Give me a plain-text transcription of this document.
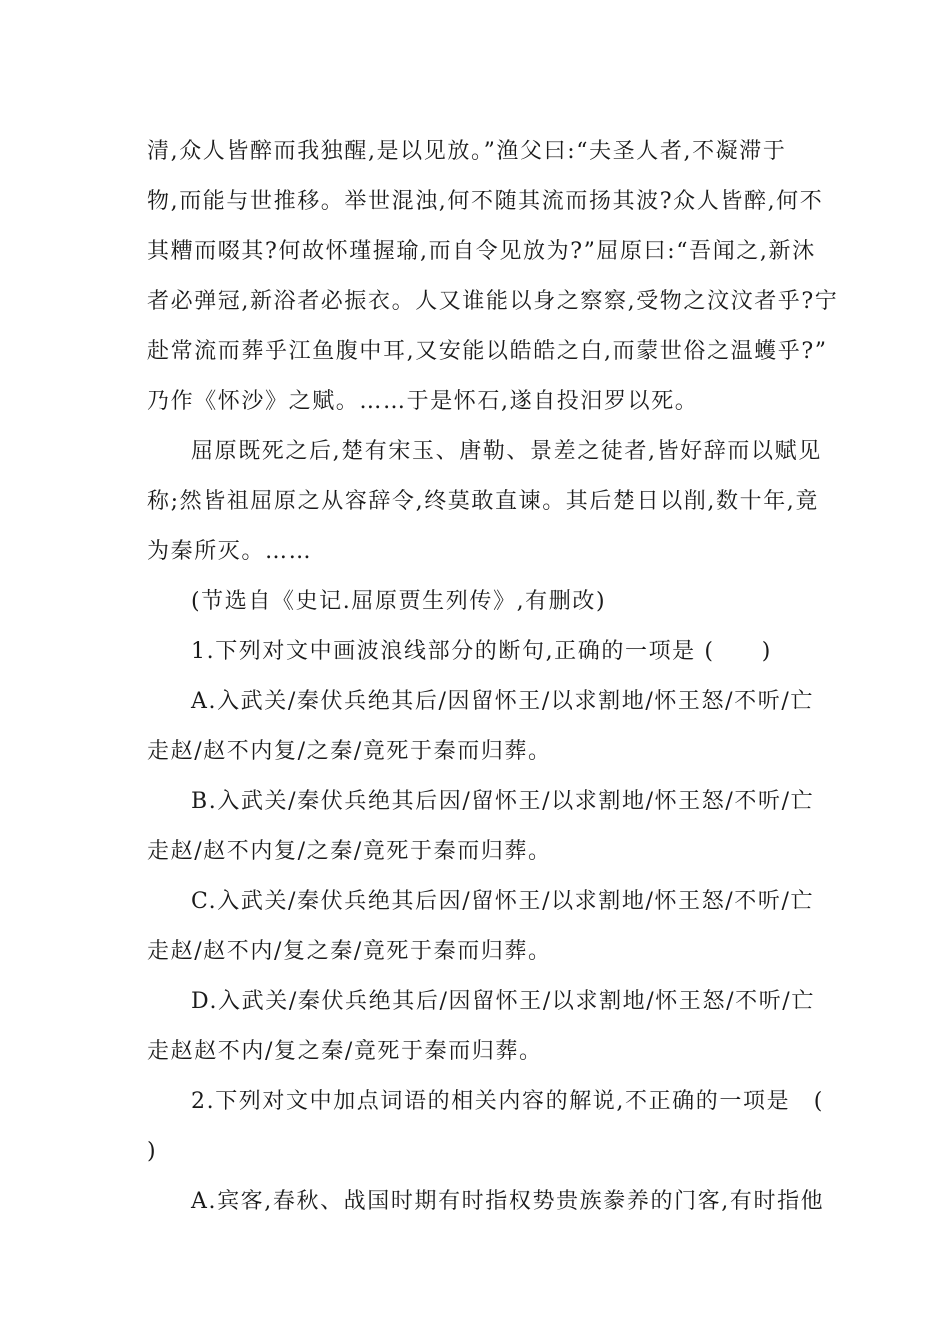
清,众人皆醉而我独醒,是以见放。”渔父曰:“夫圣人者,不凝滞于
物,而能与世推移。举世混浊,何不随其流而扬其波?众人皆醉,何不
其糟而啜其?何故怀瑾握瑜,而自令见放为?”屈原曰:“吾闻之,新沐
者必弹冠,新浴者必振衣。人又谁能以身之察察,受物之汶汶者乎?宁
赴常流而葬乎江鱼腹中耳,又安能以皓皓之白,而蒙世俗之温蠖乎?”
乃作《怀沙》之赋。……于是怀石,遂自投汨罗以死。
屈原既死之后,楚有宋玉、唐勒、景差之徒者,皆好辞而以赋见
称;然皆祖屈原之从容辞令,终莫敢直谏。其后楚日以削,数十年,竟
为秦所灭。……
(节选自《史记.屈原贾生列传》,有删改)
1.下列对文中画波浪线部分的断句,正确的一项是 (　　)
A.入武关/秦伏兵绝其后/因留怀王/以求割地/怀王怒/不听/亡
走赵/赵不内复/之秦/竟死于秦而归葬。
B.入武关/秦伏兵绝其后因/留怀王/以求割地/怀王怒/不听/亡
走赵/赵不内复/之秦/竟死于秦而归葬。
C.入武关/秦伏兵绝其后因/留怀王/以求割地/怀王怒/不听/亡
走赵/赵不内/复之秦/竟死于秦而归葬。
D.入武关/秦伏兵绝其后/因留怀王/以求割地/怀王怒/不听/亡
走赵赵不内/复之秦/竟死于秦而归葬。
2.下列对文中加点词语的相关内容的解说,不正确的一项是　(
)
A.宾客,春秋、战国时期有时指权势贵族豢养的门客,有时指他
